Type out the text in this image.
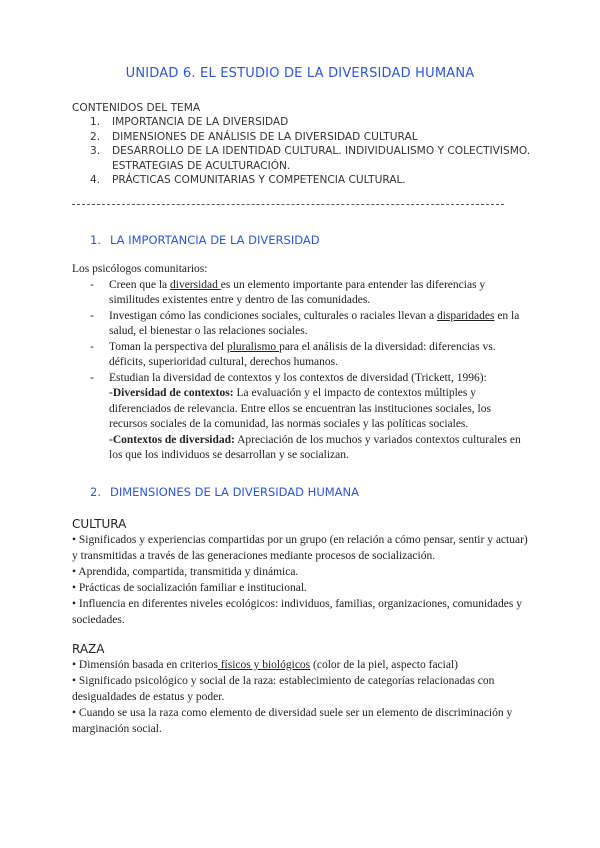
UNIDAD 6. EL ESTUDIO DE LA DIVERSIDAD HUMANA
CONTENIDOS DEL TEMA
1. IMPORTANCIA DE LA DIVERSIDAD
2. DIMENSIONES DE ANÁLISIS DE LA DIVERSIDAD CULTURAL
3. DESARROLLO DE LA IDENTIDAD CULTURAL. INDIVIDUALISMO Y COLECTIVISMO. ESTRATEGIAS DE ACULTURACIÓN.
4. PRÁCTICAS COMUNITARIAS Y COMPETENCIA CULTURAL.
1. LA IMPORTANCIA DE LA DIVERSIDAD
Los psicólogos comunitarios:
- Creen que la diversidad es un elemento importante para entender las diferencias y similitudes existentes entre y dentro de las comunidades.
- Investigan cómo las condiciones sociales, culturales o raciales llevan a disparidades en la salud, el bienestar o las relaciones sociales.
- Toman la perspectiva del pluralismo para el análisis de la diversidad: diferencias vs. déficits, superioridad cultural, derechos humanos.
- Estudian la diversidad de contextos y los contextos de diversidad (Trickett, 1996):
-Diversidad de contextos: La evaluación y el impacto de contextos múltiples y diferenciados de relevancia. Entre ellos se encuentran las instituciones sociales, los recursos sociales de la comunidad, las normas sociales y las políticas sociales.
-Contextos de diversidad: Apreciación de los muchos y variados contextos culturales en los que los individuos se desarrollan y se socializan.
2. DIMENSIONES DE LA DIVERSIDAD HUMANA
CULTURA

• Significados y experiencias compartidas por un grupo (en relación a cómo pensar, sentir y actuar) y transmitidas a través de las generaciones mediante procesos de socialización.

• Aprendida, compartida, transmitida y dinámica.

• Prácticas de socialización familiar e institucional.

• Influencia en diferentes niveles ecológicos: individuos, familias, organizaciones, comunidades y sociedades.

RAZA

• Dimensión basada en criterios físicos y biológicos (color de la piel, aspecto facial)

• Significado psicológico y social de la raza: establecimiento de categorías relacionadas con desigualdades de estatus y poder.

• Cuando se usa la raza como elemento de diversidad suele ser un elemento de discriminación y marginación social.
